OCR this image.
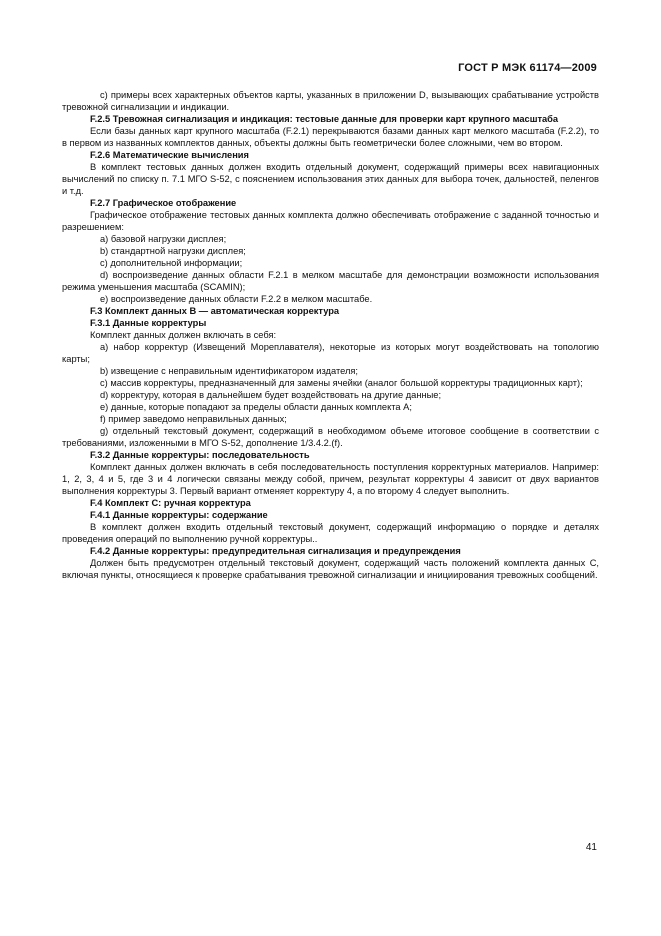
ГОСТ Р МЭК 61174—2009

c) примеры всех характерных объектов карты, указанных в приложении D, вызывающих срабатывание устройств тревожной сигнализации и индикации.

F.2.5 Тревожная сигнализация и индикация: тестовые данные для проверки карт крупного масштаба

Если базы данных карт крупного масштаба (F.2.1) перекрываются базами данных карт мелкого масштаба (F.2.2), то в первом из названных комплектов данных, объекты должны быть геометрически более сложными, чем во втором.

F.2.6 Математические вычисления

В комплект тестовых данных должен входить отдельный документ, содержащий примеры всех навигационных вычислений по списку п. 7.1 МГО S-52, с пояснением использования этих данных для выбора точек, дальностей, пеленгов и т.д.

F.2.7 Графическое отображение

Графическое отображение тестовых данных комплекта должно обеспечивать отображение с заданной точностью и разрешением:

a) базовой нагрузки дисплея;

b) стандартной нагрузки дисплея;

c) дополнительной информации;

d) воспроизведение данных области F.2.1 в мелком масштабе для демонстрации возможности использования режима уменьшения масштаба (SCAMIN);

e) воспроизведение данных области F.2.2 в мелком масштабе.

F.3 Комплект данных В — автоматическая корректура

F.3.1 Данные корректуры

Комплект данных должен включать в себя:

a) набор корректур (Извещений Мореплавателя), некоторые из которых могут воздействовать на топологию карты;

b) извещение с неправильным идентификатором издателя;

c) массив корректуры, предназначенный для замены ячейки (аналог большой корректуры традиционных карт);

d) корректуру, которая в дальнейшем будет воздействовать на другие данные;

e) данные, которые попадают за пределы области данных комплекта А;

f) пример заведомо неправильных данных;

g) отдельный текстовый документ, содержащий в необходимом объеме итоговое сообщение в соответствии с требованиями, изложенными в МГО S-52, дополнение 1/3.4.2.(f).

F.3.2 Данные корректуры: последовательность

Комплект данных должен включать в себя последовательность поступления корректурных материалов. Например: 1, 2, 3, 4 и 5, где 3 и 4 логически связаны между собой, причем, результат корректуры 4 зависит от двух вариантов выполнения корректуры 3. Первый вариант отменяет корректуру 4, а по второму 4 следует выполнить.

F.4 Комплект С: ручная корректура

F.4.1 Данные корректуры: содержание

В комплект должен входить отдельный текстовый документ, содержащий информацию о порядке и деталях проведения операций по выполнению ручной корректуры..

F.4.2 Данные корректуры: предупредительная сигнализация и предупреждения

Должен быть предусмотрен отдельный текстовый документ, содержащий часть положений комплекта данных С, включая пункты, относящиеся к проверке срабатывания тревожной сигнализации и инициирования тревожных сообщений.

41
